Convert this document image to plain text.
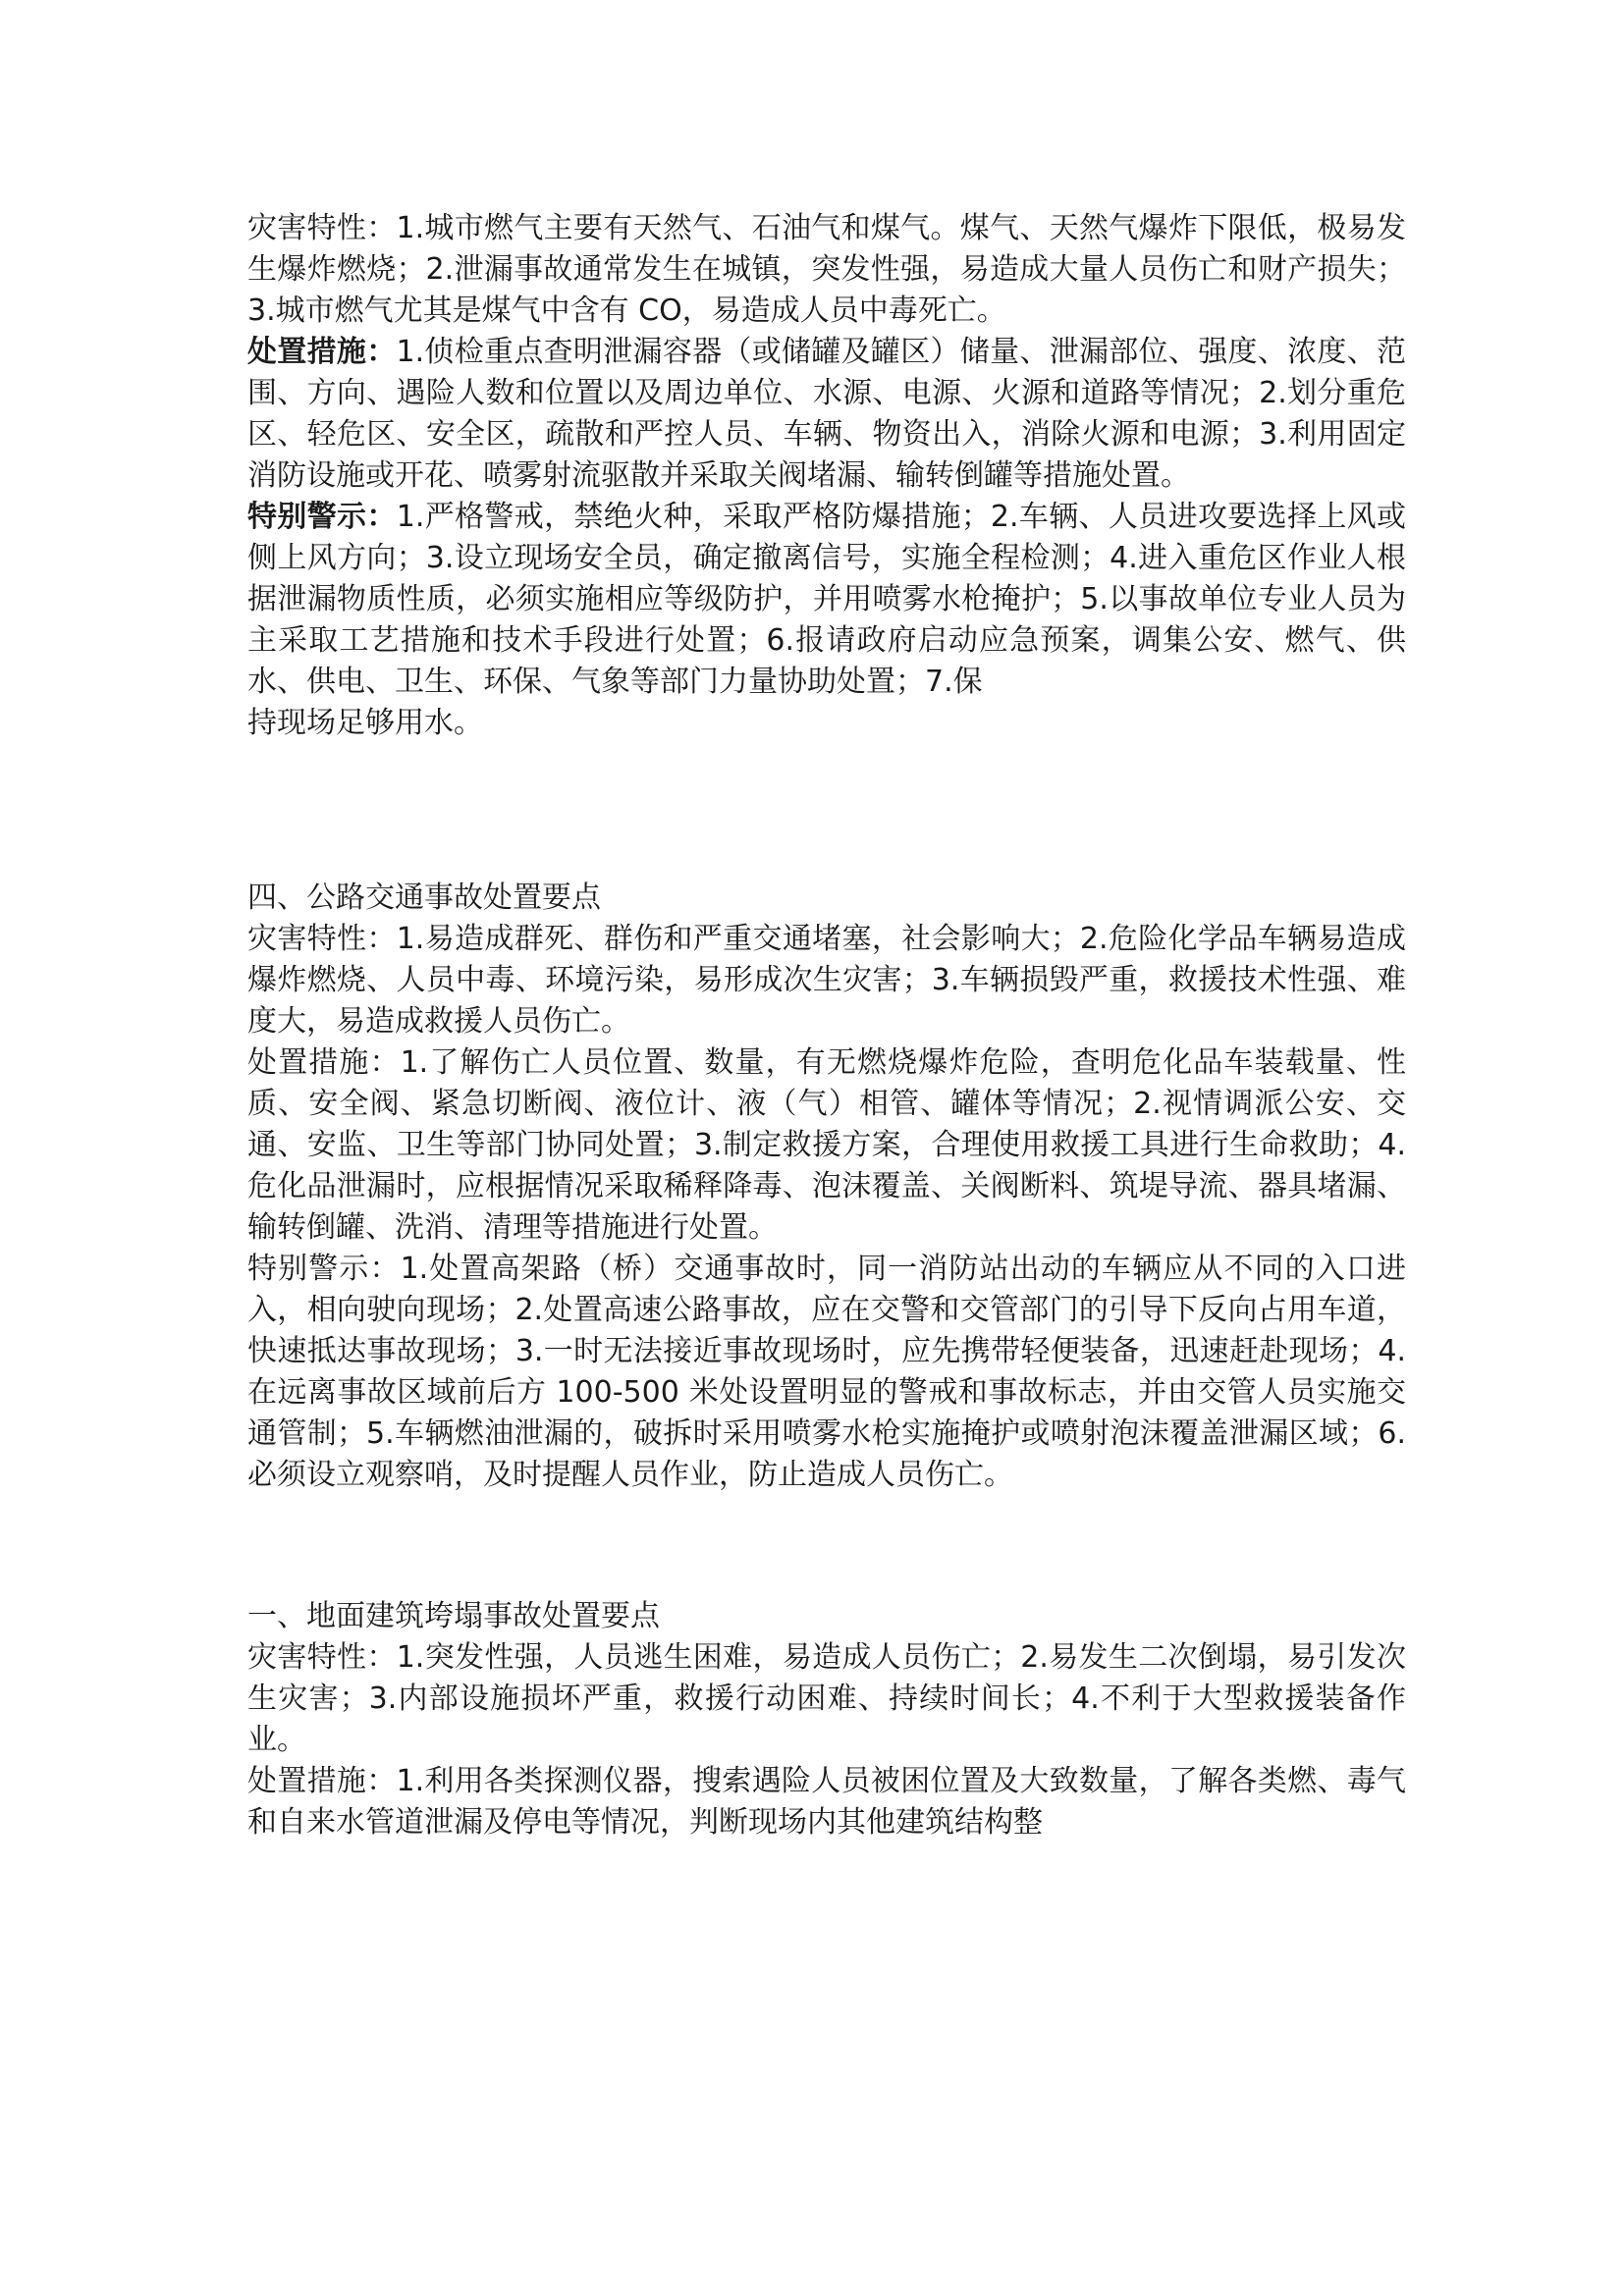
灾害特性：1.城市燃气主要有天然气、石油气和煤气。煤气、天然气爆炸下限低，极易发生爆炸燃烧；2.泄漏事故通常发生在城镇，突发性强，易造成大量人员伤亡和财产损失；3.城市燃气尤其是煤气中含有 CO，易造成人员中毒死亡。

处置措施：1.侦检重点查明泄漏容器（或储罐及罐区）储量、泄漏部位、强度、浓度、范围、方向、遇险人数和位置以及周边单位、水源、电源、火源和道路等情况；2.划分重危区、轻危区、安全区，疏散和严控人员、车辆、物资出入，消除火源和电源；3.利用固定消防设施或开花、喷雾射流驱散并采取关阀堵漏、输转倒罐等措施处置。

特别警示：1.严格警戒，禁绝火种，采取严格防爆措施；2.车辆、人员进攻要选择上风或侧上风方向；3.设立现场安全员，确定撤离信号，实施全程检测；4.进入重危区作业人根据泄漏物质性质，必须实施相应等级防护，并用喷雾水枪掩护；5.以事故单位专业人员为主采取工艺措施和技术手段进行处置；6.报请政府启动应急预案，调集公安、燃气、供水、供电、卫生、环保、气象等部门力量协助处置；7.保

持现场足够用水。

四、公路交通事故处置要点

灾害特性：1.易造成群死、群伤和严重交通堵塞，社会影响大；2.危险化学品车辆易造成爆炸燃烧、人员中毒、环境污染，易形成次生灾害；3.车辆损毁严重，救援技术性强、难度大，易造成救援人员伤亡。

处置措施：1.了解伤亡人员位置、数量，有无燃烧爆炸危险，查明危化品车装载量、性质、安全阀、紧急切断阀、液位计、液（气）相管、罐体等情况；2.视情调派公安、交通、安监、卫生等部门协同处置；3.制定救援方案，合理使用救援工具进行生命救助；4.危化品泄漏时，应根据情况采取稀释降毒、泡沫覆盖、关阀断料、筑堤导流、器具堵漏、输转倒罐、洗消、清理等措施进行处置。

特别警示：1.处置高架路（桥）交通事故时，同一消防站出动的车辆应从不同的入口进入，相向驶向现场；2.处置高速公路事故，应在交警和交管部门的引导下反向占用车道，快速抵达事故现场；3.一时无法接近事故现场时，应先携带轻便装备，迅速赶赴现场；4.在远离事故区域前后方 100-500 米处设置明显的警戒和事故标志，并由交管人员实施交通管制；5.车辆燃油泄漏的，破拆时采用喷雾水枪实施掩护或喷射泡沫覆盖泄漏区域；6.必须设立观察哨，及时提醒人员作业，防止造成人员伤亡。

一、地面建筑垮塌事故处置要点

灾害特性：1.突发性强，人员逃生困难，易造成人员伤亡；2.易发生二次倒塌，易引发次生灾害；3.内部设施损坏严重，救援行动困难、持续时间长；4.不利于大型救援装备作业。

处置措施：1.利用各类探测仪器，搜索遇险人员被困位置及大致数量，了解各类燃、毒气和自来水管道泄漏及停电等情况，判断现场内其他建筑结构整
